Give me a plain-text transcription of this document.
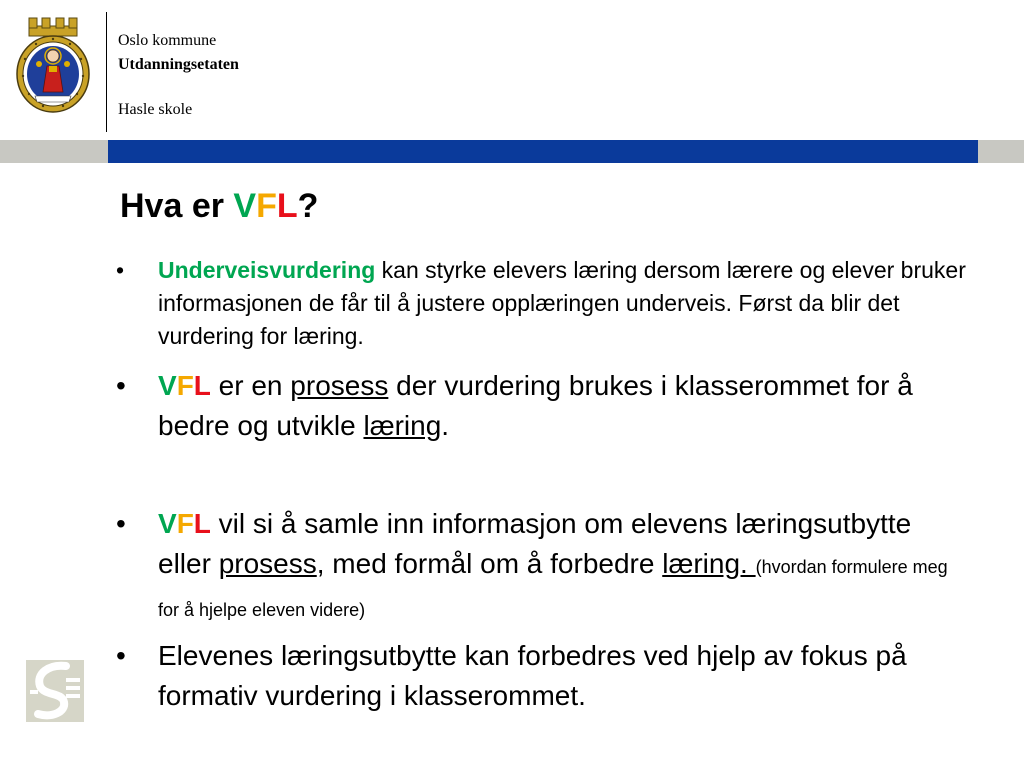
Oslo kommune
Utdanningsetaten
Hasle skole
Hva er VFL?
• Underveisvurdering kan styrke elevers læring dersom lærere og elever bruker informasjonen de får til å justere opplæringen underveis. Først da blir det vurdering for læring.
• VFL er en prosess der vurdering brukes i klasserommet for å bedre og utvikle læring.
• VFL vil si å samle inn informasjon om elevens læringsutbytte eller prosess, med formål om å forbedre læring. (hvordan formulere meg for å hjelpe eleven videre)
• Elevenes læringsutbytte kan forbedres ved hjelp av fokus på formativ vurdering i klasserommet.
